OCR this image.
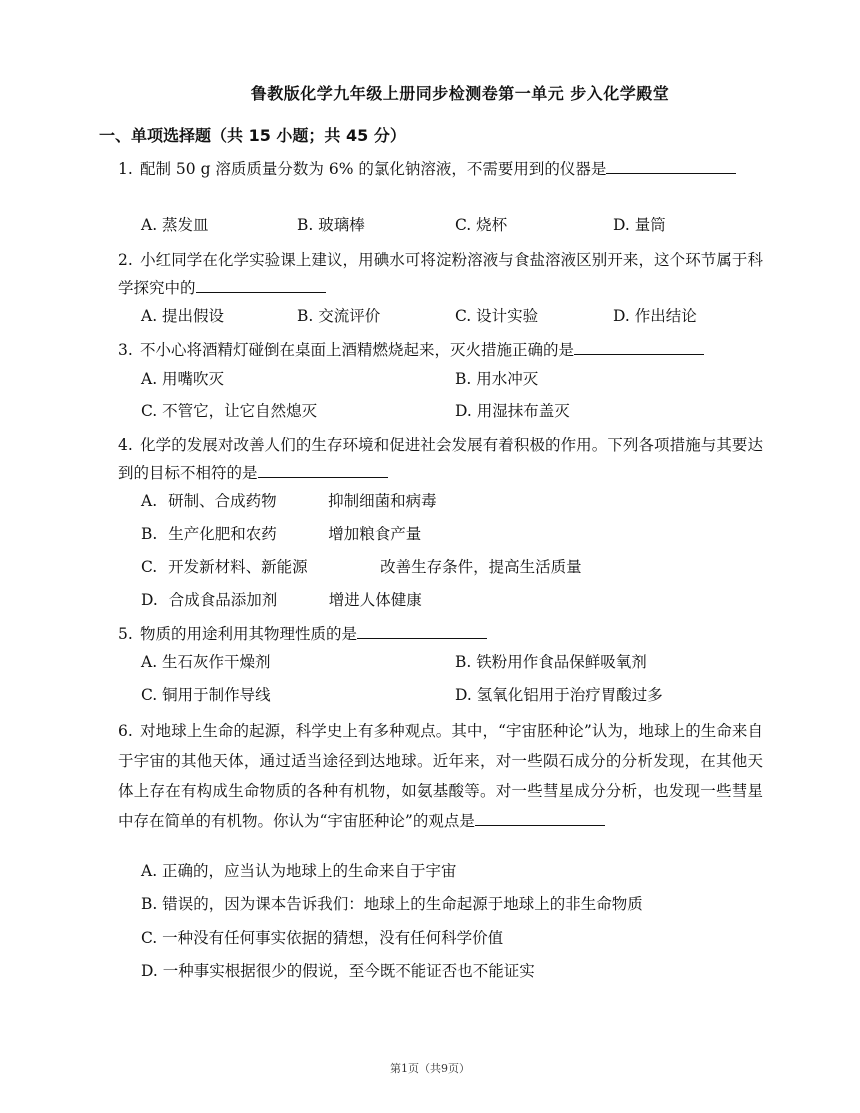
鲁教版化学九年级上册同步检测卷第一单元 步入化学殿堂
一、单项选择题（共 15 小题；共 45 分）
1. 配制 50 g 溶质质量分数为 6% 的氯化钠溶液，不需要用到的仪器是
A. 蒸发皿	B. 玻璃棒	C. 烧杯	D. 量筒
2. 小红同学在化学实验课上建议，用碘水可将淀粉溶液与食盐溶液区别开来，这个环节属于科学探究中的
A. 提出假设	B. 交流评价	C. 设计实验	D. 作出结论
3. 不小心将酒精灯碰倒在桌面上酒精燃烧起来，灭火措施正确的是
A. 用嘴吹灭	B. 用水冲灭
C. 不管它，让它自然熄灭	D. 用湿抹布盖灭
4. 化学的发展对改善人们的生存环境和促进社会发展有着积极的作用。下列各项措施与其要达到的目标不相符的是
A. 研制、合成药物	抑制细菌和病毒
B. 生产化肥和农药	增加粮食产量
C. 开发新材料、新能源	改善生存条件，提高生活质量
D. 合成食品添加剂	增进人体健康
5. 物质的用途利用其物理性质的是
A. 生石灰作干燥剂	B. 铁粉用作食品保鲜吸氧剂
C. 铜用于制作导线	D. 氢氧化铝用于治疗胃酸过多
6. 对地球上生命的起源，科学史上有多种观点。其中，“宇宙胚种论”认为，地球上的生命来自于宇宙的其他天体，通过适当途径到达地球。近年来，对一些陨石成分的分析发现，在其他天体上存在有构成生命物质的各种有机物，如氨基酸等。对一些彗星成分分析，也发现一些彗星中存在简单的有机物。你认为“宇宙胚种论”的观点是
A. 正确的，应当认为地球上的生命来自于宇宙
B. 错误的，因为课本告诉我们：地球上的生命起源于地球上的非生命物质
C. 一种没有任何事实依据的猜想，没有任何科学价值
D. 一种事实根据很少的假说，至今既不能证否也不能证实
第1页（共9页）
